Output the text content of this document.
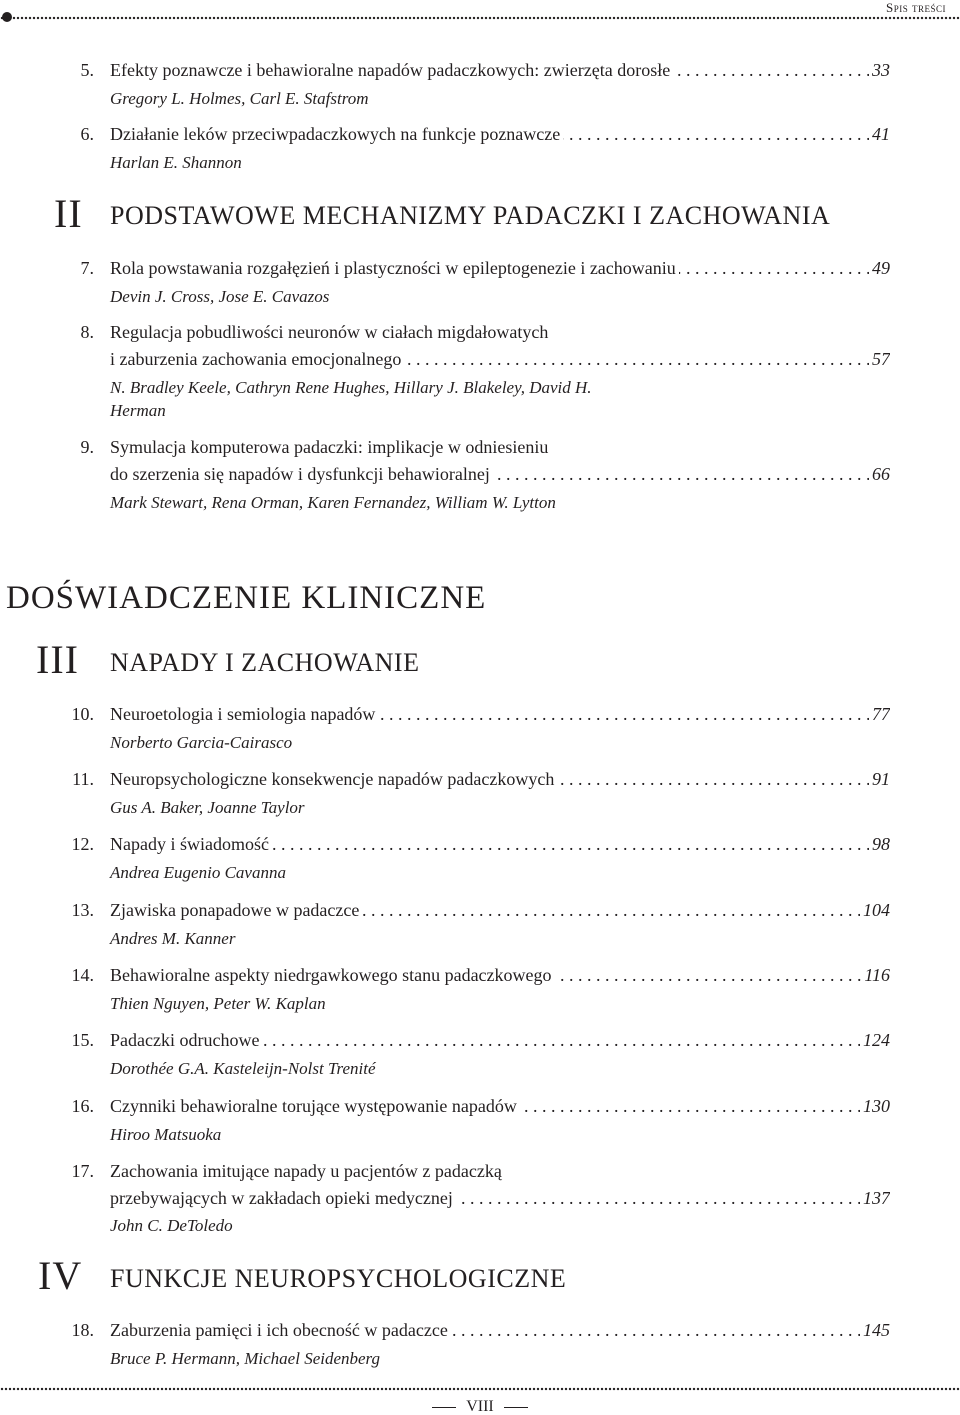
Spis treści
5. Efekty poznawcze i behawioralne napadów padaczkowych: zwierzęta dorosłe	33
. . .
Gregory L. Holmes, Carl E. Stafstrom
6. Działanie leków przeciwpadaczkowych na funkcje poznawcze	41
. . .
Harlan E. Shannon
II PODSTAWOWE MECHANIZMY PADACZKI I ZACHOWANIA
7. Rola powstawania rozgałęzień i plastyczności w epileptogenezie i zachowaniu	49
. . .
Devin J. Cross, Jose E. Cavazos
8. Regulacja pobudliwości neuronów w ciałach migdałowatych
i zaburzenia zachowania emocjonalnego	57
. . .
N. Bradley Keele, Cathryn Rene Hughes, Hillary J. Blakeley, David H.
Herman
9. Symulacja komputerowa padaczki: implikacje w odniesieniu
do szerzenia się napadów i dysfunkcji behawioralnej	66
. . .
Mark Stewart, Rena Orman, Karen Fernandez, William W. Lytton
DOŚWIADCZENIE KLINICZNE
III NAPADY I ZACHOWANIE
10. Neuroetologia i semiologia napadów	77
. . .
Norberto Garcia-Cairasco
11. Neuropsychologiczne konsekwencje napadów padaczkowych	91
. . .
Gus A. Baker, Joanne Taylor
12. Napady i świadomość	98
. . .
Andrea Eugenio Cavanna
13. Zjawiska ponapadowe w padaczce	104
. . .
Andres M. Kanner
14. Behawioralne aspekty niedrgawkowego stanu padaczkowego	116
. . .
Thien Nguyen, Peter W. Kaplan
15. Padaczki odruchowe	124
. . .
Dorothée G.A. Kasteleijn-Nolst Trenité
16. Czynniki behawioralne torujące występowanie napadów	130
. . .
Hiroo Matsuoka
17. Zachowania imitujące napady u pacjentów z padaczką
przebywających w zakładach opieki medycznej	137
. . .
John C. DeToledo
IV FUNKCJE NEUROPSYCHOLOGICZNE
18. Zaburzenia pamięci i ich obecność w padaczce	145
. . .
Bruce P. Hermann, Michael Seidenberg
VIII
